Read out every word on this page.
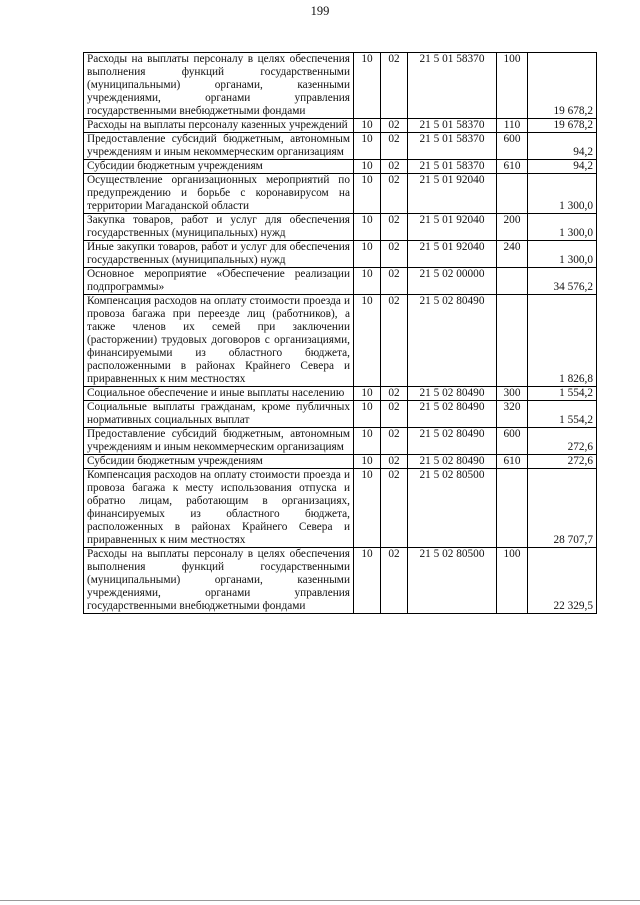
199
Расходы на выплаты персоналу в целях обеспечения выполнения функций государственными (муниципальными) органами, казенными учреждениями, органами управления государственными внебюджетными фондами	10	02	21 5 01 58370	100	19 678,2
Расходы на выплаты персоналу казенных учреждений	10	02	21 5 01 58370	110	19 678,2
Предоставление субсидий бюджетным, автономным учреждениям и иным некоммерческим организациям	10	02	21 5 01 58370	600	94,2
Субсидии бюджетным учреждениям	10	02	21 5 01 58370	610	94,2
Осуществление организационных мероприятий по предупреждению и борьбе с коронавирусом на территории Магаданской области	10	02	21 5 01 92040		1 300,0
Закупка товаров, работ и услуг для обеспечения государственных (муниципальных) нужд	10	02	21 5 01 92040	200	1 300,0
Иные закупки товаров, работ и услуг для обеспечения государственных (муниципальных) нужд	10	02	21 5 01 92040	240	1 300,0
Основное мероприятие «Обеспечение реализации подпрограммы»	10	02	21 5 02 00000		34 576,2
Компенсация расходов на оплату стоимости проезда и провоза багажа при переезде лиц (работников), а также членов их семей при заключении (расторжении) трудовых договоров с организациями, финансируемыми из областного бюджета, расположенными в районах Крайнего Севера и приравненных к ним местностях	10	02	21 5 02 80490		1 826,8
Социальное обеспечение и иные выплаты населению	10	02	21 5 02 80490	300	1 554,2
Социальные выплаты гражданам, кроме публичных нормативных социальных выплат	10	02	21 5 02 80490	320	1 554,2
Предоставление субсидий бюджетным, автономным учреждениям и иным некоммерческим организациям	10	02	21 5 02 80490	600	272,6
Субсидии бюджетным учреждениям	10	02	21 5 02 80490	610	272,6
Компенсация расходов на оплату стоимости проезда и провоза багажа к месту использования отпуска и обратно лицам, работающим в организациях, финансируемых из областного бюджета, расположенных в районах Крайнего Севера и приравненных к ним местностях	10	02	21 5 02 80500		28 707,7
Расходы на выплаты персоналу в целях обеспечения выполнения функций государственными (муниципальными) органами, казенными учреждениями, органами управления государственными внебюджетными фондами	10	02	21 5 02 80500	100	22 329,5
